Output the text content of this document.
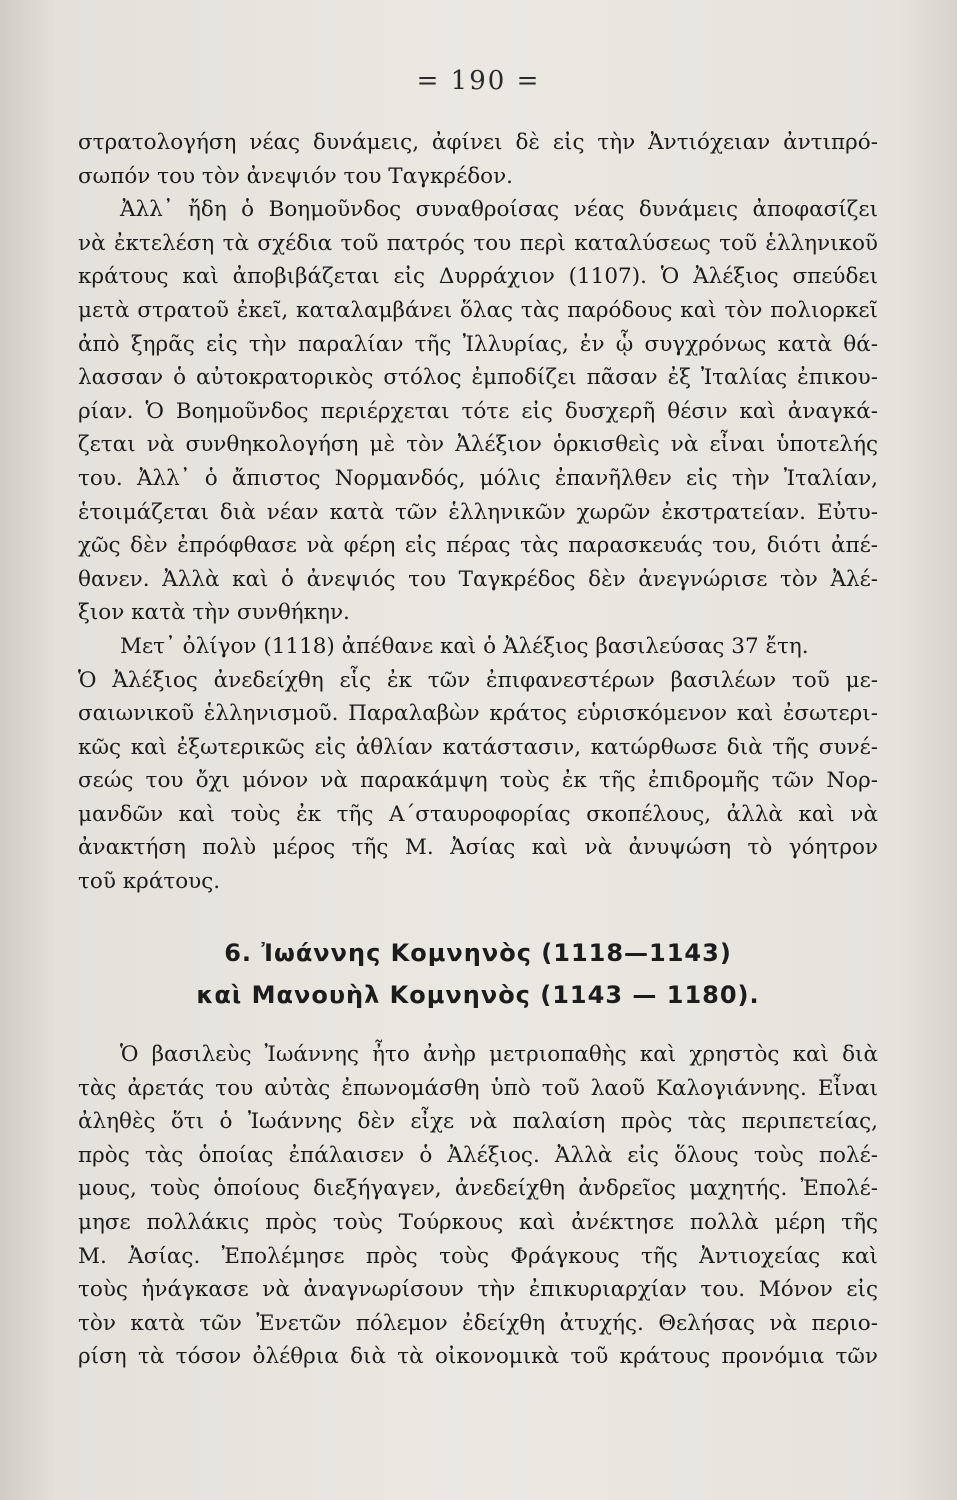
= 190 =
στρατολογήση νέας δυνάμεις, ἀφίνει δὲ εἰς τὴν Ἀντιόχειαν ἀντιπρό-
σωπόν του τὸν ἀνεψιόν του Ταγκρέδον.
Ἀλλ᾽ ἤδη ὁ Βοημοῦνδος συναθροίσας νέας δυνάμεις ἀποφασίζει
νὰ ἐκτελέση τὰ σχέδια τοῦ πατρός του περὶ καταλύσεως τοῦ ἑλληνικοῦ
κράτους καὶ ἀποβιβάζεται εἰς Δυρράχιον (1107). Ὁ Ἀλέξιος σπεύδει
μετὰ στρατοῦ ἐκεῖ, καταλαμβάνει ὅλας τὰς παρόδους καὶ τὸν πολιορκεῖ
ἀπὸ ξηρᾶς εἰς τὴν παραλίαν τῆς Ἰλλυρίας, ἐν ᾧ συγχρόνως κατὰ θά-
λασσαν ὁ αὐτοκρατορικὸς στόλος ἐμποδίζει πᾶσαν ἐξ Ἰταλίας ἐπικου-
ρίαν. Ὁ Βοημοῦνδος περιέρχεται τότε εἰς δυσχερῆ θέσιν καὶ ἀναγκά-
ζεται νὰ συνθηκολογήση μὲ τὸν Ἀλέξιον ὁρκισθεὶς νὰ εἶναι ὑποτελής
του. Ἀλλ᾽ ὁ ἄπιστος Νορμανδός, μόλις ἐπανῆλθεν εἰς τὴν Ἰταλίαν,
ἑτοιμάζεται διὰ νέαν κατὰ τῶν ἑλληνικῶν χωρῶν ἐκστρατείαν. Εὐτυ-
χῶς δὲν ἐπρόφθασε νὰ φέρη εἰς πέρας τὰς παρασκευάς του, διότι ἀπέ-
θανεν. Ἀλλὰ καὶ ὁ ἀνεψιός του Ταγκρέδος δὲν ἀνεγνώρισε τὸν Ἀλέ-
ξιον κατὰ τὴν συνθήκην.
Μετ᾽ ὀλίγον (1118) ἀπέθανε καὶ ὁ Ἀλέξιος βασιλεύσας 37 ἔτη.
Ὁ Ἀλέξιος ἀνεδείχθη εἷς ἐκ τῶν ἐπιφανεστέρων βασιλέων τοῦ με-
σαιωνικοῦ ἑλληνισμοῦ. Παραλαβὼν κράτος εὑρισκόμενον καὶ ἐσωτερι-
κῶς καὶ ἐξωτερικῶς εἰς ἀθλίαν κατάστασιν, κατώρθωσε διὰ τῆς συνέ-
σεώς του ὄχι μόνον νὰ παρακάμψη τοὺς ἐκ τῆς ἐπιδρομῆς τῶν Νορ-
μανδῶν καὶ τοὺς ἐκ τῆς Α΄σταυροφορίας σκοπέλους, ἀλλὰ καὶ νὰ
ἀνακτήση πολὺ μέρος τῆς Μ. Ἀσίας καὶ νὰ ἀνυψώση τὸ γόητρον
τοῦ κράτους.
6. Ἰωάννης Κομνηνὸς (1118—1143)
καὶ Μανουὴλ Κομνηνὸς (1143 — 1180).
Ὁ βασιλεὺς Ἰωάννης ἦτο ἀνὴρ μετριοπαθὴς καὶ χρηστὸς καὶ διὰ
τὰς ἀρετάς του αὐτὰς ἐπωνομάσθη ὑπὸ τοῦ λαοῦ Καλογιάννης. Εἶναι
ἀληθὲς ὅτι ὁ Ἰωάννης δὲν εἶχε νὰ παλαίση πρὸς τὰς περιπετείας,
πρὸς τὰς ὁποίας ἐπάλαισεν ὁ Ἀλέξιος. Ἀλλὰ εἰς ὅλους τοὺς πολέ-
μους, τοὺς ὁποίους διεξήγαγεν, ἀνεδείχθη ἀνδρεῖος μαχητής. Ἐπολέ-
μησε πολλάκις πρὸς τοὺς Τούρκους καὶ ἀνέκτησε πολλὰ μέρη τῆς
Μ. Ἀσίας. Ἐπολέμησε πρὸς τοὺς Φράγκους τῆς Ἀντιοχείας καὶ
τοὺς ἠνάγκασε νὰ ἀναγνωρίσουν τὴν ἐπικυριαρχίαν του. Μόνον εἰς
τὸν κατὰ τῶν Ἐνετῶν πόλεμον ἐδείχθη ἀτυχής. Θελήσας νὰ περιο-
ρίση τὰ τόσον ὀλέθρια διὰ τὰ οἰκονομικὰ τοῦ κράτους προνόμια τῶν
